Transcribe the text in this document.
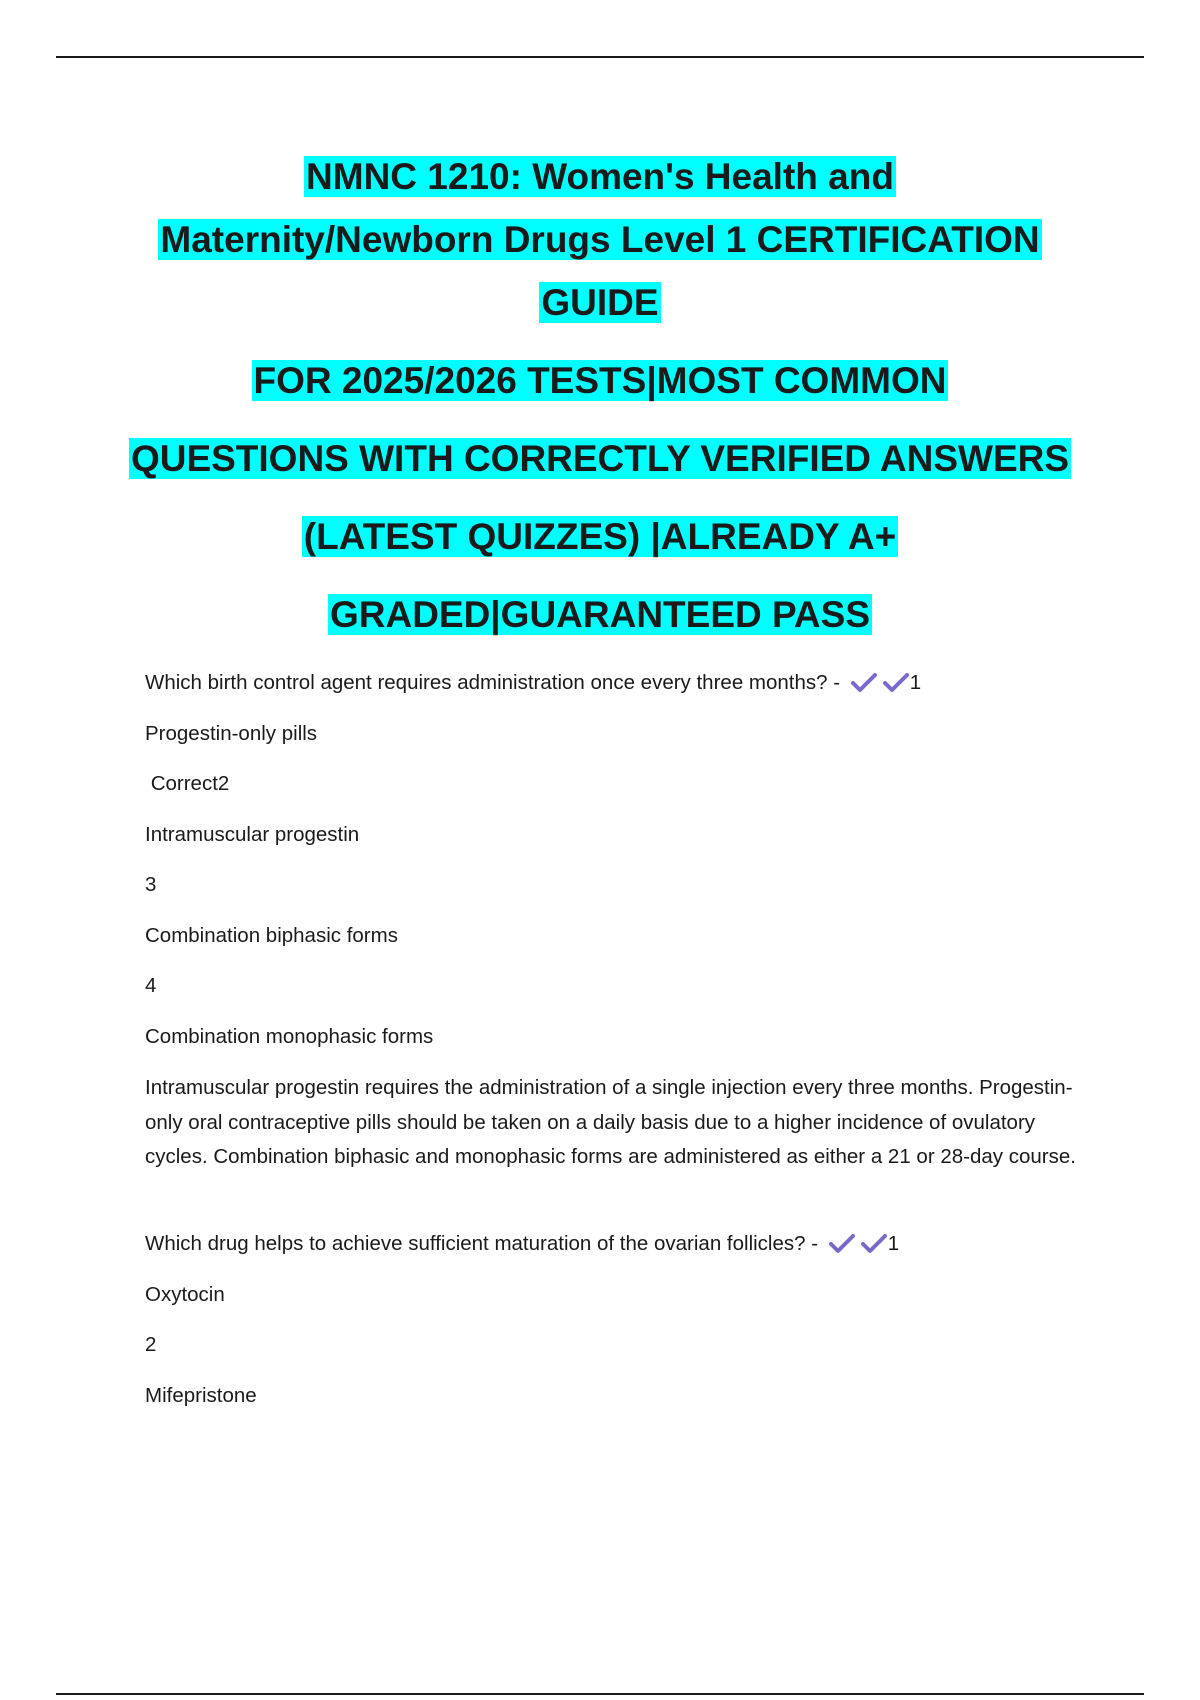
NMNC 1210: Women's Health and
Maternity/Newborn Drugs Level 1 CERTIFICATION
GUIDE
FOR 2025/2026 TESTS|MOST COMMON
QUESTIONS WITH CORRECTLY VERIFIED ANSWERS
(LATEST QUIZZES) |ALREADY A+
GRADED|GUARANTEED PASS
Which birth control agent requires administration once every three months? -	1
Progestin-only pills
Correct2
Intramuscular progestin
3
Combination biphasic forms
4
Combination monophasic forms
Intramuscular progestin requires the administration of a single injection every three months. Progestin-only oral contraceptive pills should be taken on a daily basis due to a higher incidence of ovulatory cycles. Combination biphasic and monophasic forms are administered as either a 21 or 28-day course.
Which drug helps to achieve sufficient maturation of the ovarian follicles? -	1
Oxytocin
2
Mifepristone
